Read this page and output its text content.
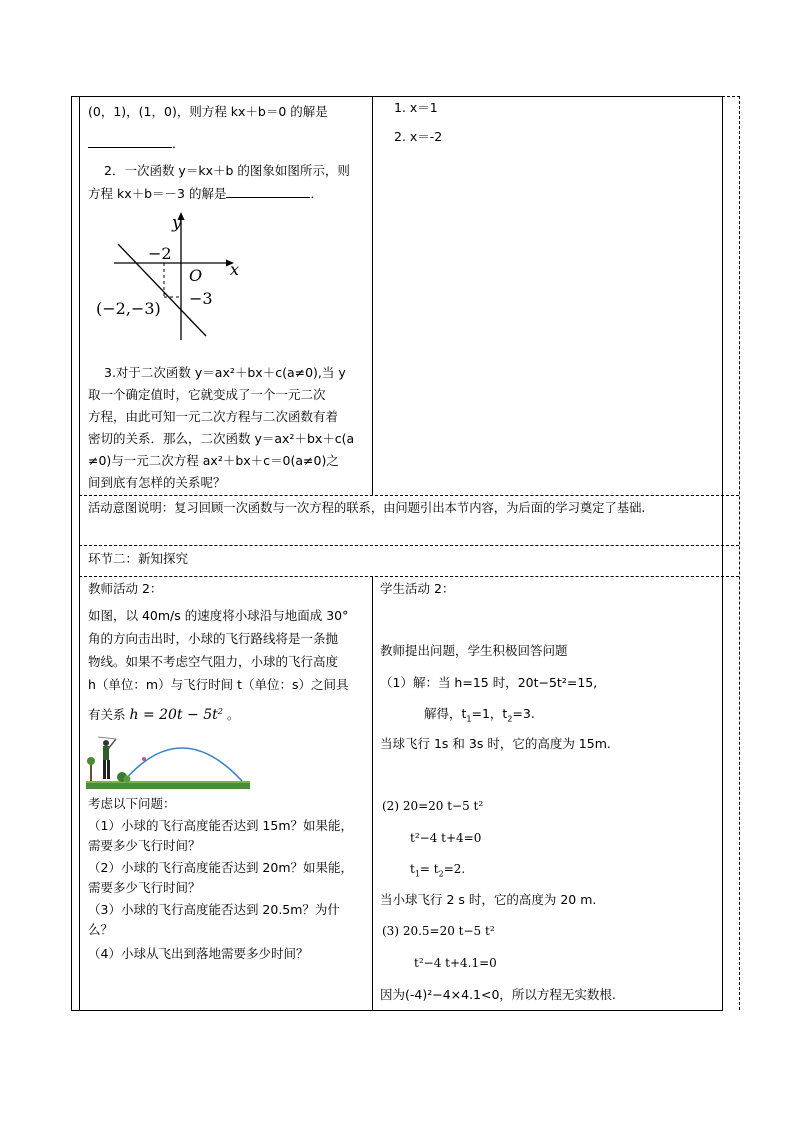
(0，1)，(1，0)，则方程 kx＋b＝0 的解是
．
2．一次函数 y＝kx＋b 的图象如图所示，则
方程 kx＋b＝－3 的解是	．
y
x
O
−2
−3
(−2,−3)
3.对于二次函数 y＝ax²＋bx＋c(a≠0),当 y
取一个确定值时，它就变成了一个一元二次
方程，由此可知一元二次方程与二次函数有着
密切的关系．那么，二次函数 y＝ax²＋bx＋c(a
≠0)与一元二次方程 ax²＋bx＋c＝0(a≠0)之
间到底有怎样的关系呢？
1. x＝1
2. x＝-2
活动意图说明：复习回顾一次函数与一次方程的联系，由问题引出本节内容，为后面的学习奠定了基础.
环节二：新知探究
教师活动 2：
如图，以 40m/s 的速度将小球沿与地面成 30°
角的方向击出时，小球的飞行路线将是一条抛
物线。如果不考虑空气阻力，小球的飞行高度
h（单位：m）与飞行时间 t（单位：s）之间具
有关系 $h = 20t - 5t^2$ 。
考虑以下问题：
（1）小球的飞行高度能否达到 15m？如果能，
需要多少飞行时间？
（2）小球的飞行高度能否达到 20m？如果能，
需要多少飞行时间？
（3）小球的飞行高度能否达到 20.5m？为什
么？
（4）小球从飞出到落地需要多少时间？
学生活动 2：
教师提出问题，学生积极回答问题
（1）解：当 h=15 时，20t−5t²=15,
解得，$t_1=1$，$t_2=3$.
当球飞行 1s 和 3s 时，它的高度为 15m.
(2) 20=20 t−5 t²
t²−4 t+4=0
$t_1= t_2=2$.
当小球飞行 2 s 时，它的高度为 20 m.
(3) 20.5=20 t−5 t²
t²−4 t+4.1=0
因为(-4)²−4×4.1<0，所以方程无实数根.
